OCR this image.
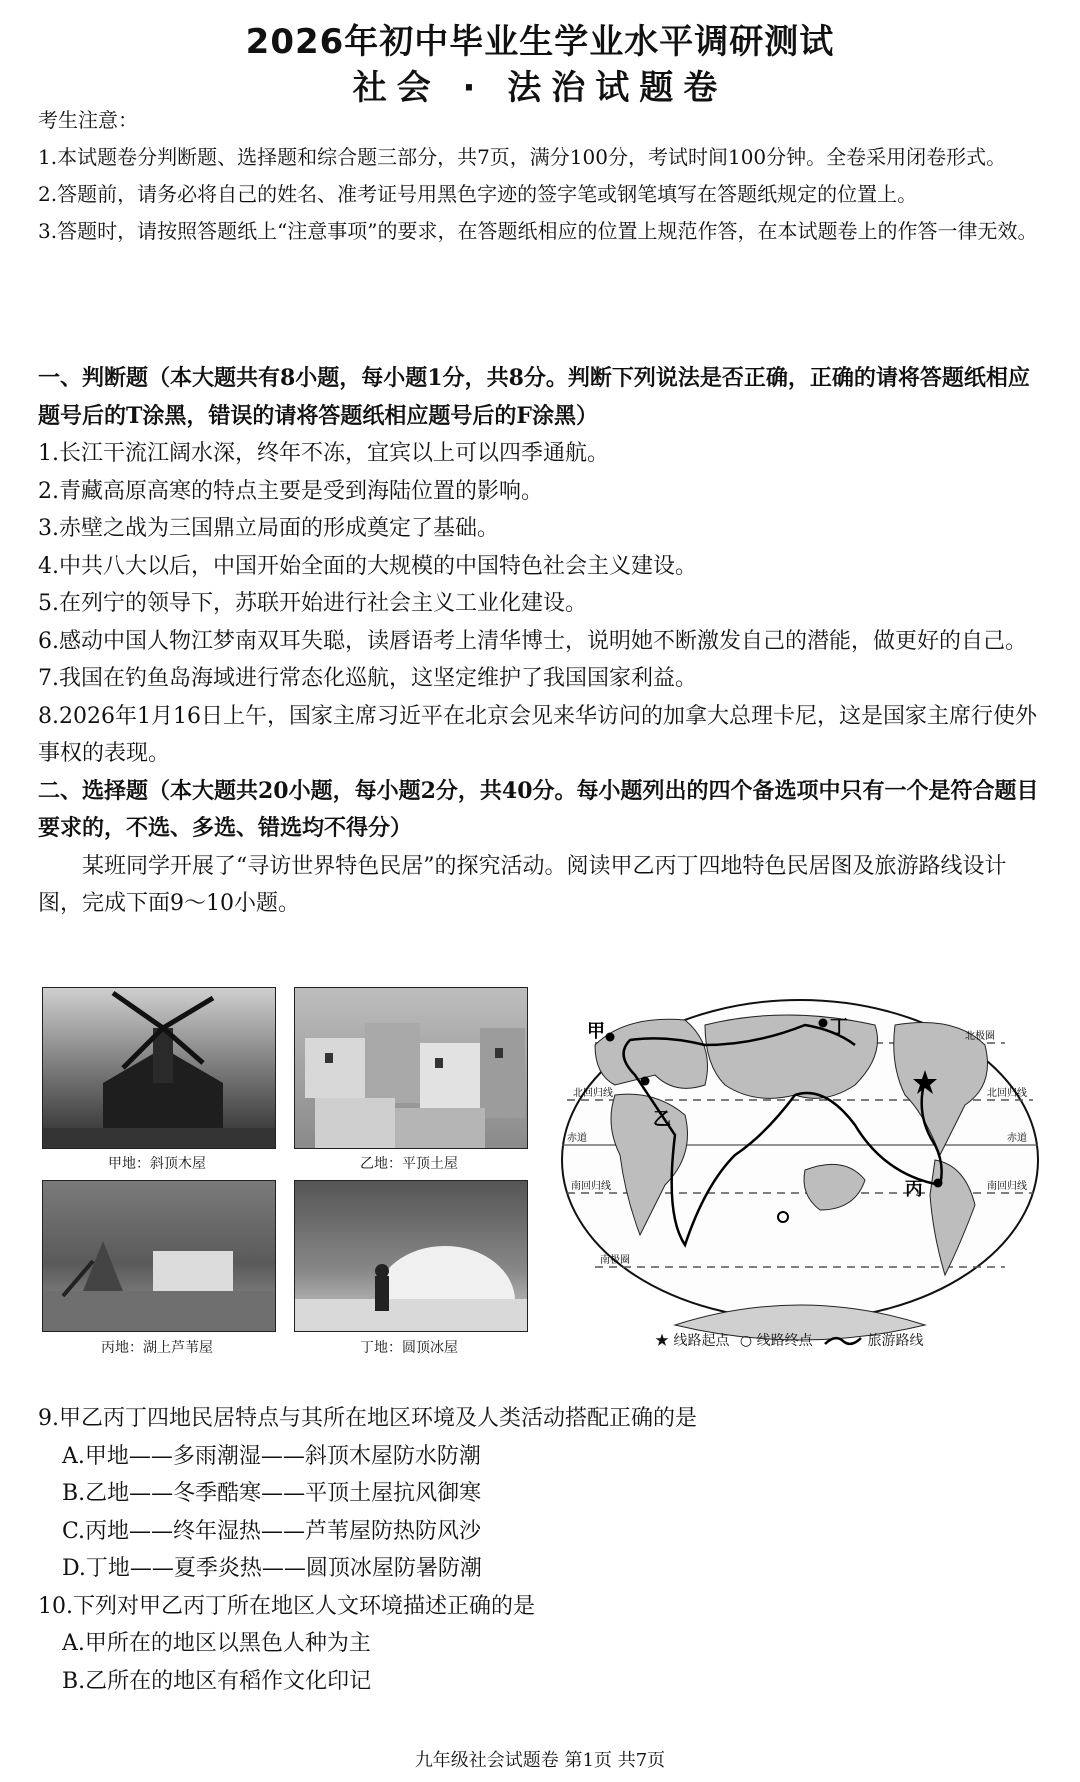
2026年初中毕业生学业水平调研测试
社会 · 法治试题卷
考生注意：
1.本试题卷分判断题、选择题和综合题三部分，共7页，满分100分，考试时间100分钟。全卷采用闭卷形式。
2.答题前，请务必将自己的姓名、准考证号用黑色字迹的签字笔或钢笔填写在答题纸规定的位置上。
3.答题时，请按照答题纸上“注意事项”的要求，在答题纸相应的位置上规范作答，在本试题卷上的作答一律无效。
一、判断题（本大题共有8小题，每小题1分，共8分。判断下列说法是否正确，正确的请将答题纸相应题号后的T涂黑，错误的请将答题纸相应题号后的F涂黑）
1.长江干流江阔水深，终年不冻，宜宾以上可以四季通航。
2.青藏高原高寒的特点主要是受到海陆位置的影响。
3.赤壁之战为三国鼎立局面的形成奠定了基础。
4.中共八大以后，中国开始全面的大规模的中国特色社会主义建设。
5.在列宁的领导下，苏联开始进行社会主义工业化建设。
6.感动中国人物江梦南双耳失聪，读唇语考上清华博士，说明她不断激发自己的潜能，做更好的自己。
7.我国在钓鱼岛海域进行常态化巡航，这坚定维护了我国国家利益。
8.2026年1月16日上午，国家主席习近平在北京会见来华访问的加拿大总理卡尼，这是国家主席行使外事权的表现。
二、选择题（本大题共20小题，每小题2分，共40分。每小题列出的四个备选项中只有一个是符合题目要求的，不选、多选、错选均不得分）
某班同学开展了“寻访世界特色民居”的探究活动。阅读甲乙丙丁四地特色民居图及旅游路线设计图，完成下面9～10小题。
甲地：斜顶木屋	乙地：平顶土屋
丙地：湖上芦苇屋	丁地：圆顶冰屋
甲
乙
丙
丁	北极圈
北回归线	北回归线
赤道	赤道
南回归线	南回归线
南极圈
★ 线路起点 ○ 线路终点	旅游路线
9.甲乙丙丁四地民居特点与其所在地区环境及人类活动搭配正确的是
A.甲地——多雨潮湿——斜顶木屋防水防潮
B.乙地——冬季酷寒——平顶土屋抗风御寒
C.丙地——终年湿热——芦苇屋防热防风沙
D.丁地——夏季炎热——圆顶冰屋防暑防潮
10.下列对甲乙丙丁所在地区人文环境描述正确的是
A.甲所在的地区以黑色人种为主
B.乙所在的地区有稻作文化印记
九年级社会试题卷 第1页 共7页
